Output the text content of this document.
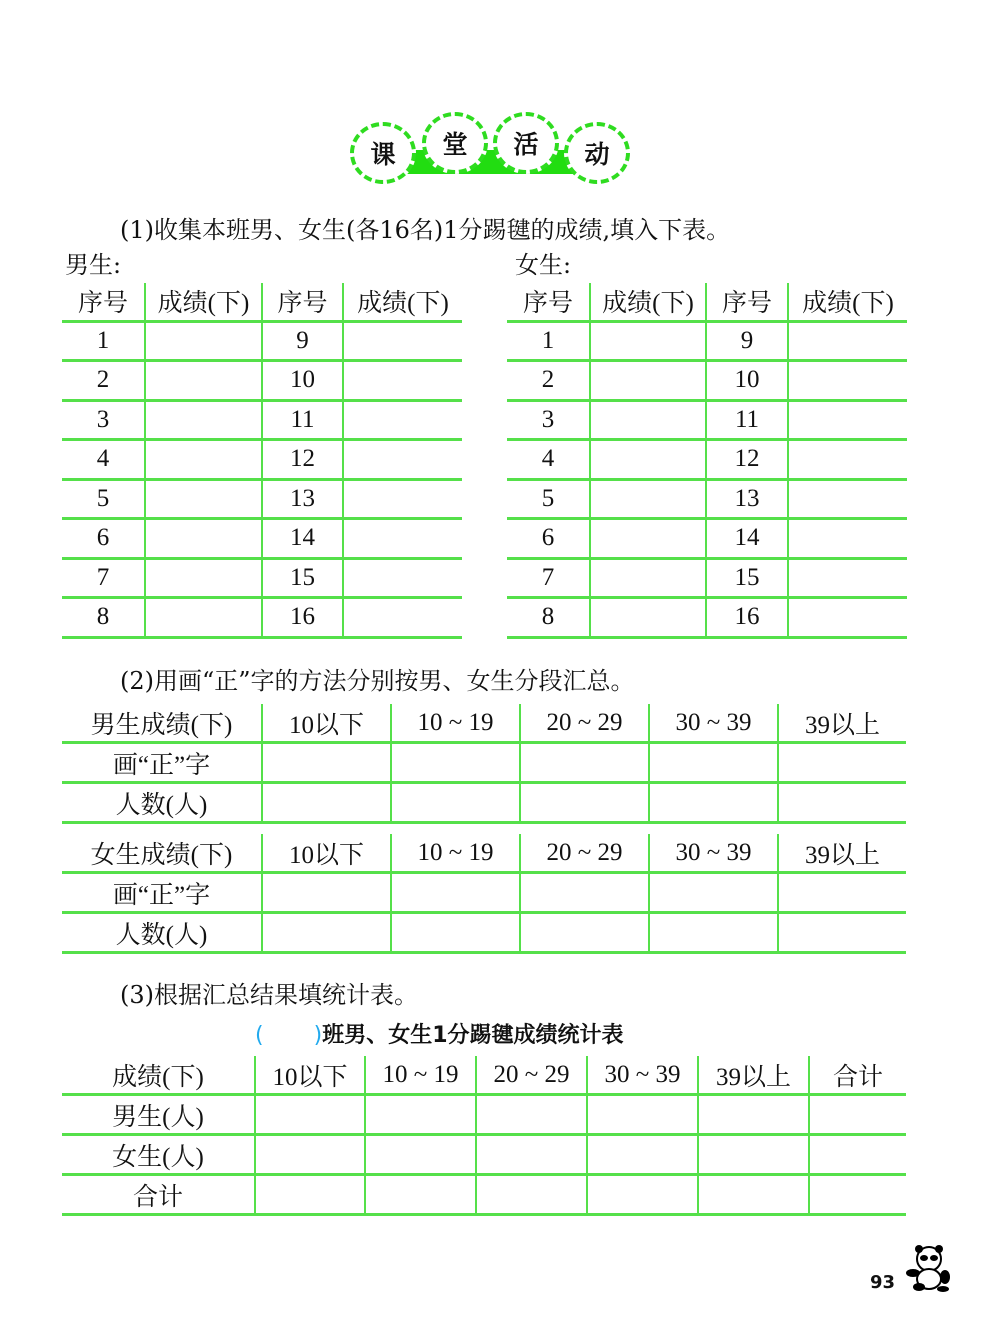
课	堂	活	动
(1)收集本班男、女生(各16名)1分踢毽的成绩,填入下表。
男生:	女生:
序号	成绩(下)	序号	成绩(下)
1		9	
2		10	
3		11	
4		12	
5		13	
6		14	
7		15	
8		16	
序号	成绩(下)	序号	成绩(下)
1		9	
2		10	
3		11	
4		12	
5		13	
6		14	
7		15	
8		16	
(2)用画“正”字的方法分别按男、女生分段汇总。
男生成绩(下)	10以下	10 ~ 19	20 ~ 29	30 ~ 39	39以上
画“正”字					
人数(人)					
女生成绩(下)	10以下	10 ~ 19	20 ~ 29	30 ~ 39	39以上
画“正”字					
人数(人)					
(3)根据汇总结果填统计表。
( )班男、女生1分踢毽成绩统计表
成绩(下)	10以下	10 ~ 19	20 ~ 29	30 ~ 39	39以上	合计
男生(人)						
女生(人)						
合计						
93
